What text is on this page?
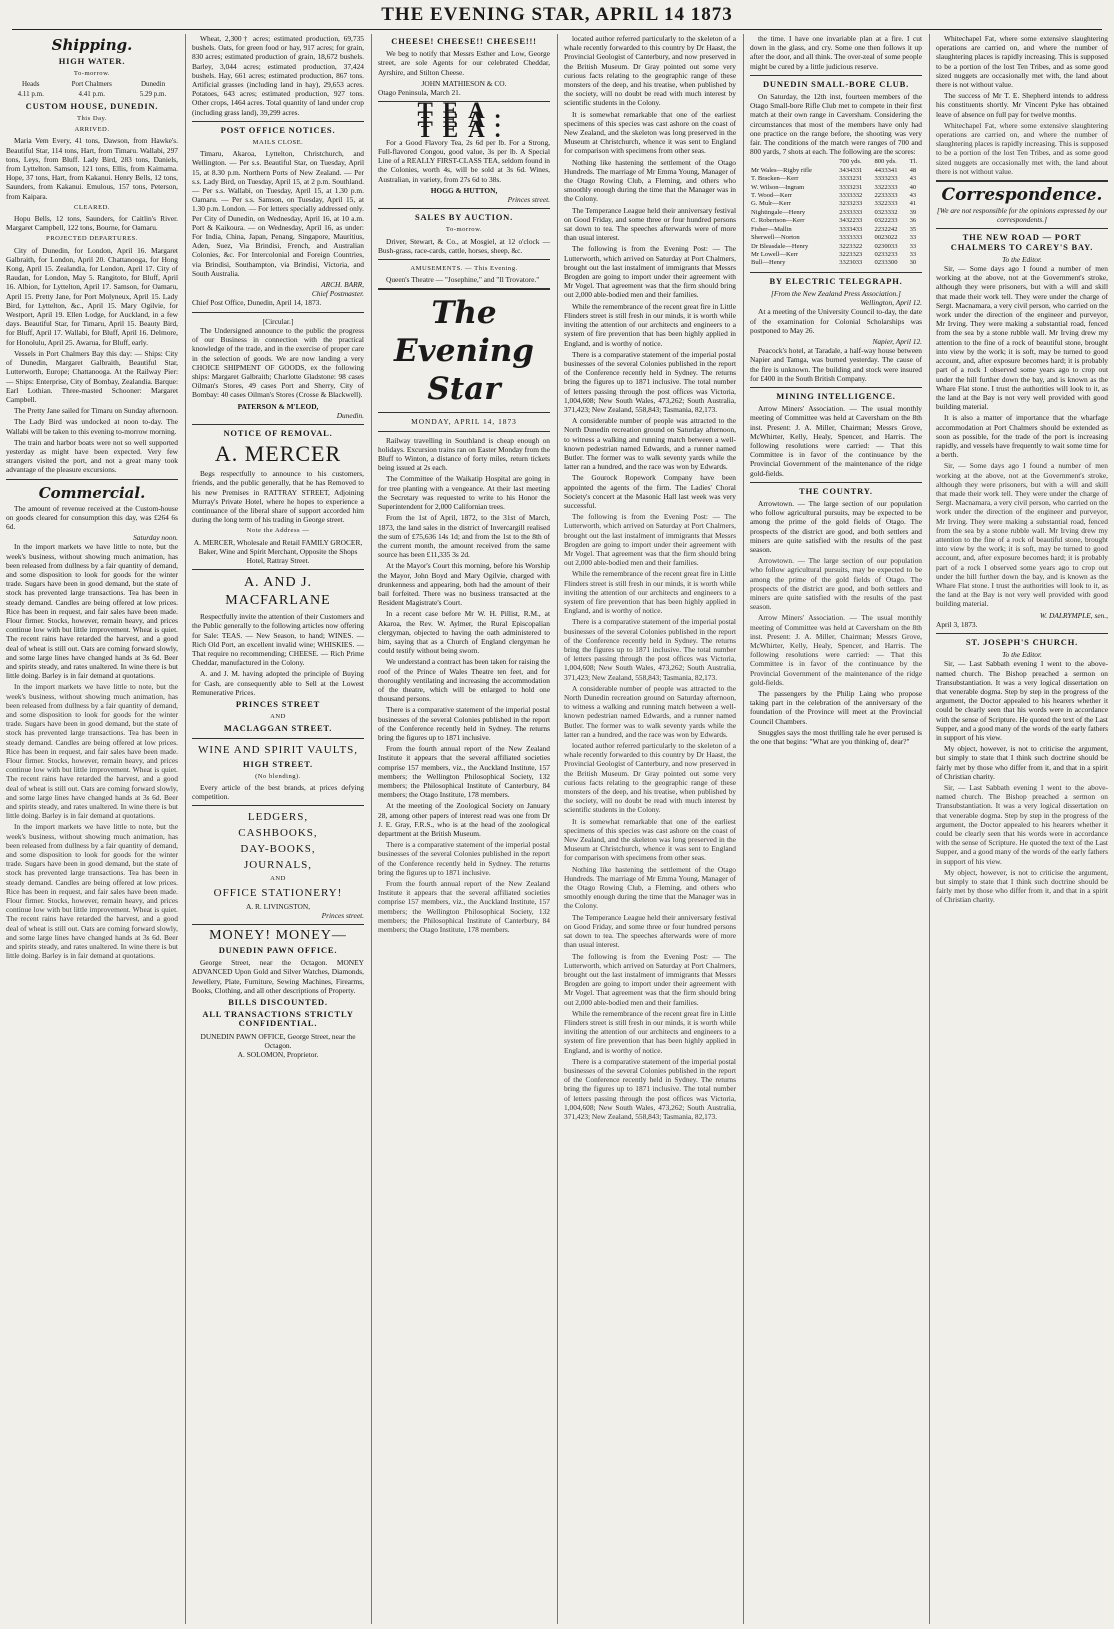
THE EVENING STAR, APRIL 14 1873
Shipping.
HIGH WATER.
To-morrow.
Heads	Port Chalmers	Dunedin
4.11 p.m.	4.41 p.m.	5.29 p.m.
CUSTOM HOUSE, DUNEDIN.
This Day.
ARRIVED.

Maria Vem Every, 41 tons, Dawson, from Hawke's. Beautiful Star, 114 tons, Hart, from Timaru. Wallabi, 297 tons, Leys, from Bluff. Lady Bird, 283 tons, Daniels, from Lyttelton. Samson, 121 tons, Ellis, from Kaimama. Hope, 37 tons, Hart, from Kakanui. Henry Bells, 12 tons, Saunders, from Kakanui. Emulous, 157 tons, Peterson, from Kaipara.

CLEARED.

Hopu Bells, 12 tons, Saunders, for Caitlin's River. Margaret Campbell, 122 tons, Bourne, for Oamaru.

PROJECTED DEPARTURES.

City of Dunedin, for London, April 16. Margaret Galbraith, for London, April 20. Chattanooga, for Hong Kong, April 15. Zealandia, for London, April 17. City of Raudan, for London, May 5. Rangitoto, for Bluff, April 16. Albion, for Lyttelton, April 17. Samson, for Oamaru, April 15. Pretty Jane, for Port Molyneux, April 15. Lady Bird, for Lyttelton, &c., April 15. Mary Ogilvie, for Westport, April 19. Ellen Lodge, for Auckland, in a few days. Beautiful Star, for Timaru, April 15. Beauty Bird, for Bluff, April 17. Wallabi, for Bluff, April 16. Delmore, for Honolulu, April 25. Awarua, for Bluff, early.

Vessels in Port Chalmers Bay this day: — Ships: City of Dunedin, Margaret Galbraith, Beautiful Star, Lutterworth, Europe; Chattanooga. At the Railway Pier: — Ships: Enterprise, City of Bombay, Zealandia. Barque: Earl Lothian. Three-masted Schooner: Margaret Campbell.

The Pretty Jane sailed for Timaru on Sunday afternoon.

The Lady Bird was undocked at noon to-day. The Wallabi will be taken to this evening to-morrow morning.

The train and harbor boats were not so well supported yesterday as might have been expected. Very few strangers visited the port, and not a great many took advantage of the pleasure excursions.

Commercial.

The amount of revenue received at the Custom-house on goods cleared for consumption this day, was £264 6s 6d.

Saturday noon.

In the import markets we have little to note, but the week's business, without showing much animation, has been released from dullness by a fair quantity of demand, and some disposition to look for goods for the winter trade. Sugars have been in good demand, but the state of stock has prevented large transactions. Tea has been in steady demand. Candles are being offered at low prices. Rice has been in request, and fair sales have been made. Flour firmer. Stocks, however, remain heavy, and prices continue low with but little improvement. Wheat is quiet. The recent rains have retarded the harvest, and a good deal of wheat is still out. Oats are coming forward slowly, and some large lines have changed hands at 3s 6d. Beer and spirits steady, and rates unaltered. In wine there is but little doing. Barley is in fair demand at quotations.

In the import markets we have little to note, but the week's business, without showing much animation, has been released from dullness by a fair quantity of demand, and some disposition to look for goods for the winter trade. Sugars have been in good demand, but the state of stock has prevented large transactions. Tea has been in steady demand. Candles are being offered at low prices. Rice has been in request, and fair sales have been made. Flour firmer. Stocks, however, remain heavy, and prices continue low with but little improvement. Wheat is quiet. The recent rains have retarded the harvest, and a good deal of wheat is still out. Oats are coming forward slowly, and some large lines have changed hands at 3s 6d. Beer and spirits steady, and rates unaltered. In wine there is but little doing. Barley is in fair demand at quotations.

In the import markets we have little to note, but the week's business, without showing much animation, has been released from dullness by a fair quantity of demand, and some disposition to look for goods for the winter trade. Sugars have been in good demand, but the state of stock has prevented large transactions. Tea has been in steady demand. Candles are being offered at low prices. Rice has been in request, and fair sales have been made. Flour firmer. Stocks, however, remain heavy, and prices continue low with but little improvement. Wheat is quiet. The recent rains have retarded the harvest, and a good deal of wheat is still out. Oats are coming forward slowly, and some large lines have changed hands at 3s 6d. Beer and spirits steady, and rates unaltered. In wine there is but little doing. Barley is in fair demand at quotations.

Wheat, 2,300† acres; estimated production, 69,735 bushels. Oats, for green food or hay, 917 acres; for grain, 830 acres; estimated production of grain, 18,672 bushels. Barley, 3,044 acres; estimated production, 37,424 bushels. Hay, 661 acres; estimated production, 867 tons. Artificial grasses (including land in hay), 29,653 acres. Potatoes, 643 acres; estimated production, 927 tons. Other crops, 1464 acres. Total quantity of land under crop (including grass land), 39,299 acres.

POST OFFICE NOTICES.
MAILS CLOSE.

Timaru, Akaroa, Lyttelton, Christchurch, and Wellington. — Per s.s. Beautiful Star, on Tuesday, April 15, at 8.30 p.m. Northern Ports of New Zealand. — Per s.s. Lady Bird, on Tuesday, April 15, at 2 p.m. Southland. — Per s.s. Wallabi, on Tuesday, April 15, at 1.30 p.m. Oamaru. — Per s.s. Samson, on Tuesday, April 15, at 1.30 p.m. London. — For letters specially addressed only. Per City of Dunedin, on Wednesday, April 16, at 10 a.m. Port & Kaikoura. — on Wednesday, April 16, as under: For India, China, Japan, Penang, Singapore, Mauritius, Aden, Suez, Via Brindisi, French, and Australian Colonies, &c. For Intercolonial and Foreign Countries, via Brindisi, Southampton, via Brindisi, Victoria, and South Australia.

ARCH. BARR,
Chief Postmaster.
Chief Post Office, Dunedin, April 14, 1873.
[Circular.]

The Undersigned announce to the public the progress of our Business in connection with the practical knowledge of the trade, and in the exercise of proper care in the selection of goods. We are now landing a very CHOICE SHIPMENT OF GOODS, ex the following ships: Margaret Galbraith; Charlotte Gladstone: 98 cases Oilman's Stores, 49 cases Port and Sherry, City of Bombay: 40 cases Oilman's Stores (Crosse & Blackwell).

PATERSON & M'LEOD,
Dunedin.
NOTICE OF REMOVAL.
A. MERCER

Begs respectfully to announce to his customers, friends, and the public generally, that he has Removed to his new Premises in RATTRAY STREET, Adjoining Murray's Private Hotel, where he hopes to experience a continuance of the liberal share of support accorded him during the long term of his trading in George street.

Note the Address —
A. MERCER, Wholesale and Retail FAMILY GROCER, Baker, Wine and Spirit Merchant, Opposite the Shops Hotel, Rattray Street.
A. AND J. MACFARLANE

Respectfully invite the attention of their Customers and the Public generally to the following articles now offering for Sale: TEAS. — New Season, to hand; WINES. — Rich Old Port, an excellent invalid wine; WHISKIES. — That require no recommending; CHEESE. — Rich Prime Cheddar, manufactured in the Colony.

A. and J. M. having adopted the principle of Buying for Cash, are consequently able to Sell at the Lowest Remunerative Prices.

PRINCES STREET
AND
MACLAGGAN STREET.
WINE AND SPIRIT VAULTS,
HIGH STREET.
(No blending).

Every article of the best brands, at prices defying competition.

LEDGERS,
CASHBOOKS,
DAY-BOOKS,
JOURNALS,
AND
OFFICE STATIONERY!
A. R. LIVINGSTON,
Princes street.
MONEY! MONEY—
DUNEDIN PAWN OFFICE.

George Street, near the Octagon. MONEY ADVANCED Upon Gold and Silver Watches, Diamonds, Jewellery, Plate, Furniture, Sewing Machines, Firearms, Books, Clothing, and all other descriptions of Property.

BILLS DISCOUNTED.
ALL TRANSACTIONS STRICTLY CONFIDENTIAL.
DUNEDIN PAWN OFFICE, George Street, near the Octagon.
A. SOLOMON, Proprietor.
CHEESE! CHEESE!! CHEESE!!!

We beg to notify that Messrs Esther and Low, George street, are sole Agents for our celebrated Cheddar, Ayrshire, and Stilton Cheese.

JOHN MATHIESON & CO.
Otago Peninsula, March 21.
TEA. TEA. TEA.

For a Good Flavory Tea, 2s 6d per lb. For a Strong, Full-flavored Congou, good value, 3s per lb. A Special Line of a REALLY FIRST-CLASS TEA, seldom found in the Colonies, worth 4s, will be sold at 3s 6d. Wines, Australian, in variety, from 27s 6d to 38s.

HOGG & HUTTON,
Princes street.
SALES BY AUCTION.
To-morrow.

Driver, Stewart, & Co., at Mosgiel, at 12 o'clock — Bush-grass, race-cards, cattle, horses, sheep, &c.

AMUSEMENTS. — This Evening.

Queen's Theatre — "Josephine," and "Il Trovatore."

The Evening Star
MONDAY, APRIL 14, 1873

Railway travelling in Southland is cheap enough on holidays. Excursion trains ran on Easter Monday from the Bluff to Winton, a distance of forty miles, return tickets being issued at 2s each.

The Committee of the Waikatip Hospital are going in for tree planting with a vengeance. At their last meeting the Secretary was requested to write to his Honor the Superintendent for 2,000 Californian trees.

From the 1st of April, 1872, to the 31st of March, 1873, the land sales in the district of Invercargill realised the sum of £75,636 14s 1d; and from the 1st to the 8th of the current month, the amount received from the same source has been £11,335 3s 2d.

At the Mayor's Court this morning, before his Worship the Mayor, John Boyd and Mary Ogilvie, charged with drunkenness and appearing, both had the amount of their bail forfeited. There was no business transacted at the Resident Magistrate's Court.

In a recent case before Mr W. H. Pillist, R.M., at Akaroa, the Rev. W. Aylmer, the Rural Episcopalian clergyman, objected to having the oath administered to him, saying that as a Church of England clergyman he could testify without being sworn.

We understand a contract has been taken for raising the roof of the Prince of Wales Theatre ten feet, and for thoroughly ventilating and increasing the accommodation of the theatre, which will be enlarged to hold one thousand persons.

There is a comparative statement of the imperial postal businesses of the several Colonies published in the report of the Conference recently held in Sydney. The returns bring the figures up to 1871 inclusive.

From the fourth annual report of the New Zealand Institute it appears that the several affiliated societies comprise 157 members, viz., the Auckland Institute, 157 members; the Wellington Philosophical Society, 132 members; the Philosophical Institute of Canterbury, 84 members; the Otago Institute, 178 members.

At the meeting of the Zoological Society on January 28, among other papers of interest read was one from Dr J. E. Gray, F.R.S., who is at the head of the zoological department at the British Museum.

There is a comparative statement of the imperial postal businesses of the several Colonies published in the report of the Conference recently held in Sydney. The returns bring the figures up to 1871 inclusive.

From the fourth annual report of the New Zealand Institute it appears that the several affiliated societies comprise 157 members, viz., the Auckland Institute, 157 members; the Wellington Philosophical Society, 132 members; the Philosophical Institute of Canterbury, 84 members; the Otago Institute, 178 members.

located author referred particularly to the skeleton of a whale recently forwarded to this country by Dr Haast, the Provincial Geologist of Canterbury, and now preserved in the British Museum. Dr Gray pointed out some very curious facts relating to the geographic range of these monsters of the deep, and his treatise, when published by the society, will no doubt be read with much interest by scientific students in the Colony.

It is somewhat remarkable that one of the earliest specimens of this species was cast ashore on the coast of New Zealand, and the skeleton was long preserved in the Museum at Christchurch, whence it was sent to England for comparison with specimens from other seas.

Nothing like hastening the settlement of the Otago Hundreds. The marriage of Mr Emma Young, Manager of the Otago Rowing Club, a Fleming, and others who smoothly enough during the time that the Manager was in the Colony.

The Temperance League held their anniversary festival on Good Friday, and some three or four hundred persons sat down to tea. The speeches afterwards were of more than usual interest.

The following is from the Evening Post: — The Lutterworth, which arrived on Saturday at Port Chalmers, brought out the last instalment of immigrants that Messrs Brogden are going to import under their agreement with Mr Vogel. That agreement was that the firm should bring out 2,000 able-bodied men and their families.

While the remembrance of the recent great fire in Little Flinders street is still fresh in our minds, it is worth while inviting the attention of our architects and engineers to a system of fire prevention that has been highly applied in England, and is worthy of notice.

There is a comparative statement of the imperial postal businesses of the several Colonies published in the report of the Conference recently held in Sydney. The returns bring the figures up to 1871 inclusive. The total number of letters passing through the post offices was Victoria, 1,004,608; New South Wales, 473,262; South Australia, 371,423; New Zealand, 558,843; Tasmania, 82,173.

A considerable number of people was attracted to the North Dunedin recreation ground on Saturday afternoon, to witness a walking and running match between a well-known pedestrian named Edwards, and a runner named Butler. The former was to walk seventy yards while the latter ran a hundred, and the race was won by Edwards.

The Gourock Ropework Company have been appointed the agents of the firm. The Ladies' Choral Society's concert at the Masonic Hall last week was very successful.

The following is from the Evening Post: — The Lutterworth, which arrived on Saturday at Port Chalmers, brought out the last instalment of immigrants that Messrs Brogden are going to import under their agreement with Mr Vogel. That agreement was that the firm should bring out 2,000 able-bodied men and their families.

While the remembrance of the recent great fire in Little Flinders street is still fresh in our minds, it is worth while inviting the attention of our architects and engineers to a system of fire prevention that has been highly applied in England, and is worthy of notice.

There is a comparative statement of the imperial postal businesses of the several Colonies published in the report of the Conference recently held in Sydney. The returns bring the figures up to 1871 inclusive. The total number of letters passing through the post offices was Victoria, 1,004,608; New South Wales, 473,262; South Australia, 371,423; New Zealand, 558,843; Tasmania, 82,173.

A considerable number of people was attracted to the North Dunedin recreation ground on Saturday afternoon, to witness a walking and running match between a well-known pedestrian named Edwards, and a runner named Butler. The former was to walk seventy yards while the latter ran a hundred, and the race was won by Edwards.

located author referred particularly to the skeleton of a whale recently forwarded to this country by Dr Haast, the Provincial Geologist of Canterbury, and now preserved in the British Museum. Dr Gray pointed out some very curious facts relating to the geographic range of these monsters of the deep, and his treatise, when published by the society, will no doubt be read with much interest by scientific students in the Colony.

It is somewhat remarkable that one of the earliest specimens of this species was cast ashore on the coast of New Zealand, and the skeleton was long preserved in the Museum at Christchurch, whence it was sent to England for comparison with specimens from other seas.

Nothing like hastening the settlement of the Otago Hundreds. The marriage of Mr Emma Young, Manager of the Otago Rowing Club, a Fleming, and others who smoothly enough during the time that the Manager was in the Colony.

The Temperance League held their anniversary festival on Good Friday, and some three or four hundred persons sat down to tea. The speeches afterwards were of more than usual interest.

The following is from the Evening Post: — The Lutterworth, which arrived on Saturday at Port Chalmers, brought out the last instalment of immigrants that Messrs Brogden are going to import under their agreement with Mr Vogel. That agreement was that the firm should bring out 2,000 able-bodied men and their families.

While the remembrance of the recent great fire in Little Flinders street is still fresh in our minds, it is worth while inviting the attention of our architects and engineers to a system of fire prevention that has been highly applied in England, and is worthy of notice.

There is a comparative statement of the imperial postal businesses of the several Colonies published in the report of the Conference recently held in Sydney. The returns bring the figures up to 1871 inclusive. The total number of letters passing through the post offices was Victoria, 1,004,608; New South Wales, 473,262; South Australia, 371,423; New Zealand, 558,843; Tasmania, 82,173.

the time. I have one invariable plan at a fire. I cut down in the glass, and cry. Some one then follows it up after the door, and all think. The over-zeal of some people might be cured by a little judicious reserve.

DUNEDIN SMALL-BORE CLUB.

On Saturday, the 12th inst, fourteen members of the Otago Small-bore Rifle Club met to compete in their first match at their own range in Caversham. Considering the circumstances that most of the members have only had one practice on the range before, the shooting was very fair. The conditions of the match were ranges of 700 and 800 yards, 7 shots at each. The following are the scores:

	700 yds.	800 yds.	Tl.
Mr Wales—Rigby rifle	3434331	4433341	48
T. Bracken—Kerr	3333231	3333233	43
W. Wilson—Ingram	3333231	3322333	40
T. Wood—Kerr	3333332	2233333	43
G. Mulr—Kerr	3233233	3322333	41
Nightingale—Henry	2333333	0323332	39
C. Robertson—Kerr	3432233	0322233	36
Fisher—Mallin	3333433	2232242	35
Sherwell—Norton	3333333	0023022	33
Dr Bleasdale—Henry	3223322	0230033	33
Mr Lowell—Kerr	3223323	0233233	33
Bull—Henry	3323033	0233300	30
BY ELECTRIC TELEGRAPH.
[From the New Zealand Press Association.]
Wellington, April 12.

At a meeting of the University Council to-day, the date of the examination for Colonial Scholarships was postponed to May 26.

Napier, April 12.

Peacock's hotel, at Taradale, a half-way house between Napier and Tamga, was burned yesterday. The cause of the fire is unknown. The building and stock were insured for £400 in the South British Company.

MINING INTELLIGENCE.

Arrow Miners' Association. — The usual monthly meeting of Committee was held at Caversham on the 8th inst. Present: J. A. Miller, Chairman; Messrs Grove, McWhirter, Kelly, Healy, Spencer, and Harris. The following resolutions were carried: — That this Committee is in favor of the continuance by the Provincial Government of the maintenance of the ridge gold-fields.

THE COUNTRY.

Arrowtown. — The large section of our population who follow agricultural pursuits, may be expected to be among the prime of the gold fields of Otago. The prospects of the district are good, and both settlers and miners are quite satisfied with the results of the past season.

Arrowtown. — The large section of our population who follow agricultural pursuits, may be expected to be among the prime of the gold fields of Otago. The prospects of the district are good, and both settlers and miners are quite satisfied with the results of the past season.

Arrow Miners' Association. — The usual monthly meeting of Committee was held at Caversham on the 8th inst. Present: J. A. Miller, Chairman; Messrs Grove, McWhirter, Kelly, Healy, Spencer, and Harris. The following resolutions were carried: — That this Committee is in favor of the continuance by the Provincial Government of the maintenance of the ridge gold-fields.

The passengers by the Philip Laing who propose taking part in the celebration of the anniversary of the foundation of the Province will meet at the Provincial Council Chambers.

Snuggles says the most thrilling tale he ever perused is the one that begins: "What are you thinking of, dear?"

Whitechapel Fat, where some extensive slaughtering operations are carried on, and where the number of slaughtering places is rapidly increasing. This is supposed to be a portion of the lost Ten Tribes, and as some good sized nuggets are occasionally met with, the land about there is not without value.

The success of Mr T. E. Shepherd intends to address his constituents shortly. Mr Vincent Pyke has obtained leave of absence on full pay for twelve months.

Whitechapel Fat, where some extensive slaughtering operations are carried on, and where the number of slaughtering places is rapidly increasing. This is supposed to be a portion of the lost Ten Tribes, and as some good sized nuggets are occasionally met with, the land about there is not without value.

Correspondence.
[We are not responsible for the opinions expressed by our correspondents.]
THE NEW ROAD — PORT CHALMERS TO CAREY'S BAY.
To the Editor.

Sir, — Some days ago I found a number of men working at the above, not at the Government's stroke, although they were prisoners, but with a will and skill that made their work tell. They were under the charge of Sergt. Macnamara, a very civil person, who carried on the work under the direction of the engineer and purveyor, Mr Irving. They were making a substantial road, fenced from the sea by a stone rubble wall. Mr Irving drew my attention to the fine of a rock of beautiful stone, brought into view by the work; it is soft, may be turned to good account, and, after exposure becomes hard; it is probably part of a rock I observed some years ago to crop out under the hill further down the bay, and is known as the Whare Flat stone. I trust the authorities will look to it, as the land at the Bay is not very well provided with good building material.

It is also a matter of importance that the wharfage accommodation at Port Chalmers should be extended as soon as possible, for the trade of the port is increasing rapidly, and vessels have frequently to wait some time for a berth.

Sir, — Some days ago I found a number of men working at the above, not at the Government's stroke, although they were prisoners, but with a will and skill that made their work tell. They were under the charge of Sergt. Macnamara, a very civil person, who carried on the work under the direction of the engineer and purveyor, Mr Irving. They were making a substantial road, fenced from the sea by a stone rubble wall. Mr Irving drew my attention to the fine of a rock of beautiful stone, brought into view by the work; it is soft, may be turned to good account, and, after exposure becomes hard; it is probably part of a rock I observed some years ago to crop out under the hill further down the bay, and is known as the Whare Flat stone. I trust the authorities will look to it, as the land at the Bay is not very well provided with good building material.

W. DALRYMPLE, sen.,
April 3, 1873.
ST. JOSEPH'S CHURCH.
To the Editor.

Sir, — Last Sabbath evening I went to the above-named church. The Bishop preached a sermon on Transubstantiation. It was a very logical dissertation on that venerable dogma. Step by step in the progress of the argument, the Doctor appealed to his hearers whether it could be clearly seen that his words were in accordance with the sense of Scripture. He quoted the text of the Last Supper, and a good many of the words of the early fathers in support of his view.

My object, however, is not to criticise the argument, but simply to state that I think such doctrine should be fairly met by those who differ from it, and that in a spirit of Christian charity.

Sir, — Last Sabbath evening I went to the above-named church. The Bishop preached a sermon on Transubstantiation. It was a very logical dissertation on that venerable dogma. Step by step in the progress of the argument, the Doctor appealed to his hearers whether it could be clearly seen that his words were in accordance with the sense of Scripture. He quoted the text of the Last Supper, and a good many of the words of the early fathers in support of his view.

My object, however, is not to criticise the argument, but simply to state that I think such doctrine should be fairly met by those who differ from it, and that in a spirit of Christian charity.
